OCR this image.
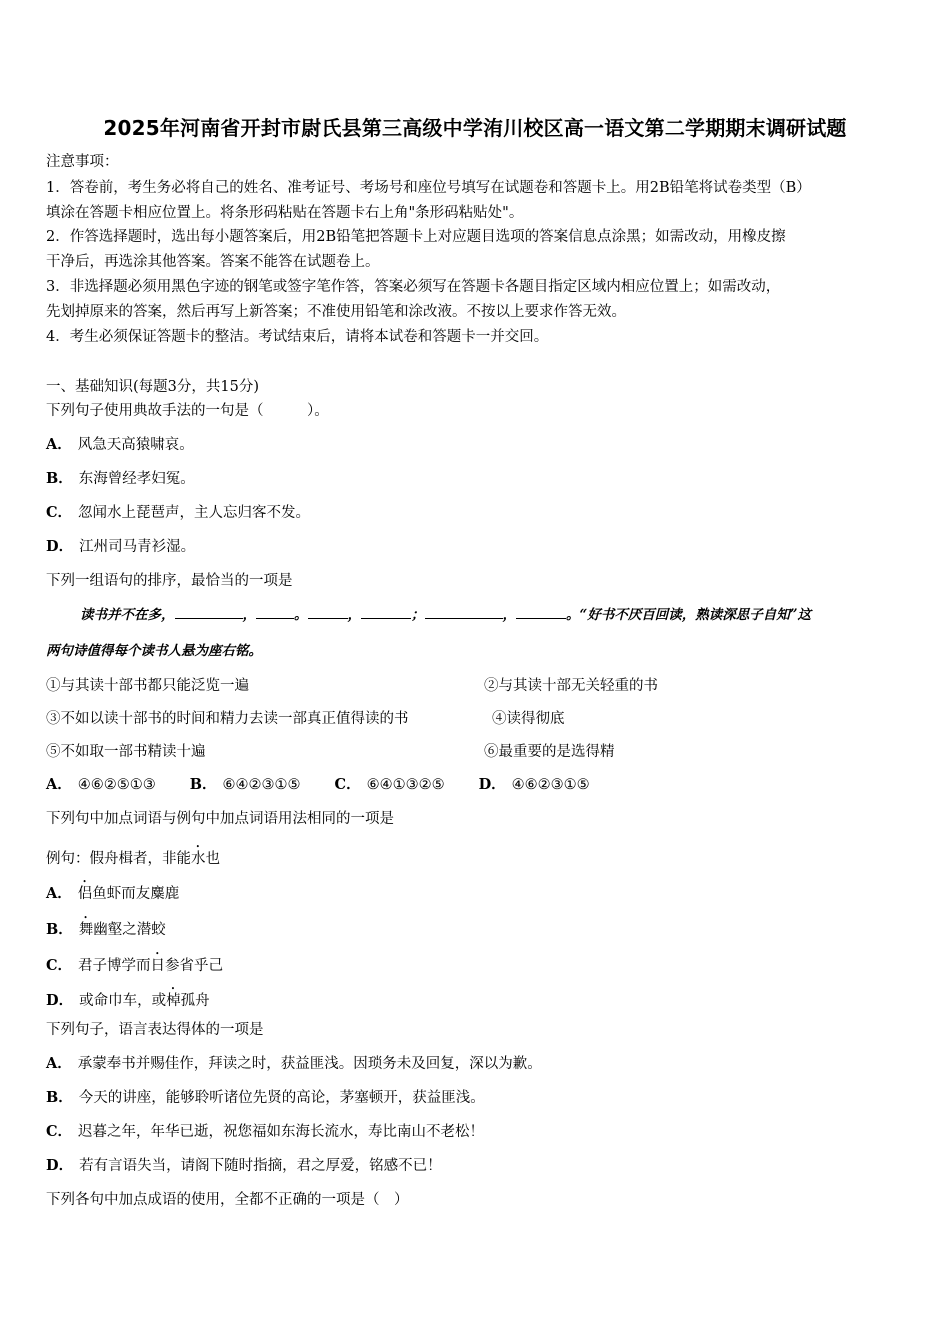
2025年河南省开封市尉氏县第三高级中学洧川校区高一语文第二学期期末调研试题
注意事项：
1．答卷前，考生务必将自己的姓名、准考证号、考场号和座位号填写在试题卷和答题卡上。用2B铅笔将试卷类型（B）
填涂在答题卡相应位置上。将条形码粘贴在答题卡右上角"条形码粘贴处"。
2．作答选择题时，选出每小题答案后，用2B铅笔把答题卡上对应题目选项的答案信息点涂黑；如需改动，用橡皮擦
干净后，再选涂其他答案。答案不能答在试题卷上。
3．非选择题必须用黑色字迹的钢笔或签字笔作答，答案必须写在答题卡各题目指定区域内相应位置上；如需改动，
先划掉原来的答案，然后再写上新答案；不准使用铅笔和涂改液。不按以上要求作答无效。
4．考生必须保证答题卡的整洁。考试结束后，请将本试卷和答题卡一并交回。
一、基础知识(每题3分，共15分)
下列句子使用典故手法的一句是（　　　）。
A． 风急天高猿啸哀。
B． 东海曾经孝妇冤。
C． 忽闻水上琵琶声，主人忘归客不发。
D． 江州司马青衫湿。
下列一组语句的排序，最恰当的一项是
读书并不在多，	，	。	，	；	，	。“好书不厌百回读，熟读深思子自知”这
两句诗值得每个读书人悬为座右铭。
①与其读十部书都只能泛览一遍	②与其读十部无关轻重的书
③不如以读十部书的时间和精力去读一部真正值得读的书	④读得彻底
⑤不如取一部书精读十遍	⑥最重要的是选得精
A． ④⑥②⑤①③ B． ⑥④②③①⑤ C． ⑥④①③②⑤ D． ④⑥②③①⑤
下列句中加点词语与例句中加点词语用法相同的一项是
例句：假舟楫者，非能水也
A． 侣鱼虾而友麋鹿
B． 舞幽壑之潜蛟
C． 君子博学而日参省乎己
D． 或命巾车，或棹孤舟
下列句子，语言表达得体的一项是
A． 承蒙奉书并赐佳作，拜读之时，获益匪浅。因琐务未及回复，深以为歉。
B． 今天的讲座，能够聆听诸位先贤的高论，茅塞顿开，获益匪浅。
C． 迟暮之年，年华已逝，祝您福如东海长流水，寿比南山不老松！
D． 若有言语失当，请阁下随时指摘，君之厚爱，铭感不已！
下列各句中加点成语的使用，全都不正确的一项是（　）
